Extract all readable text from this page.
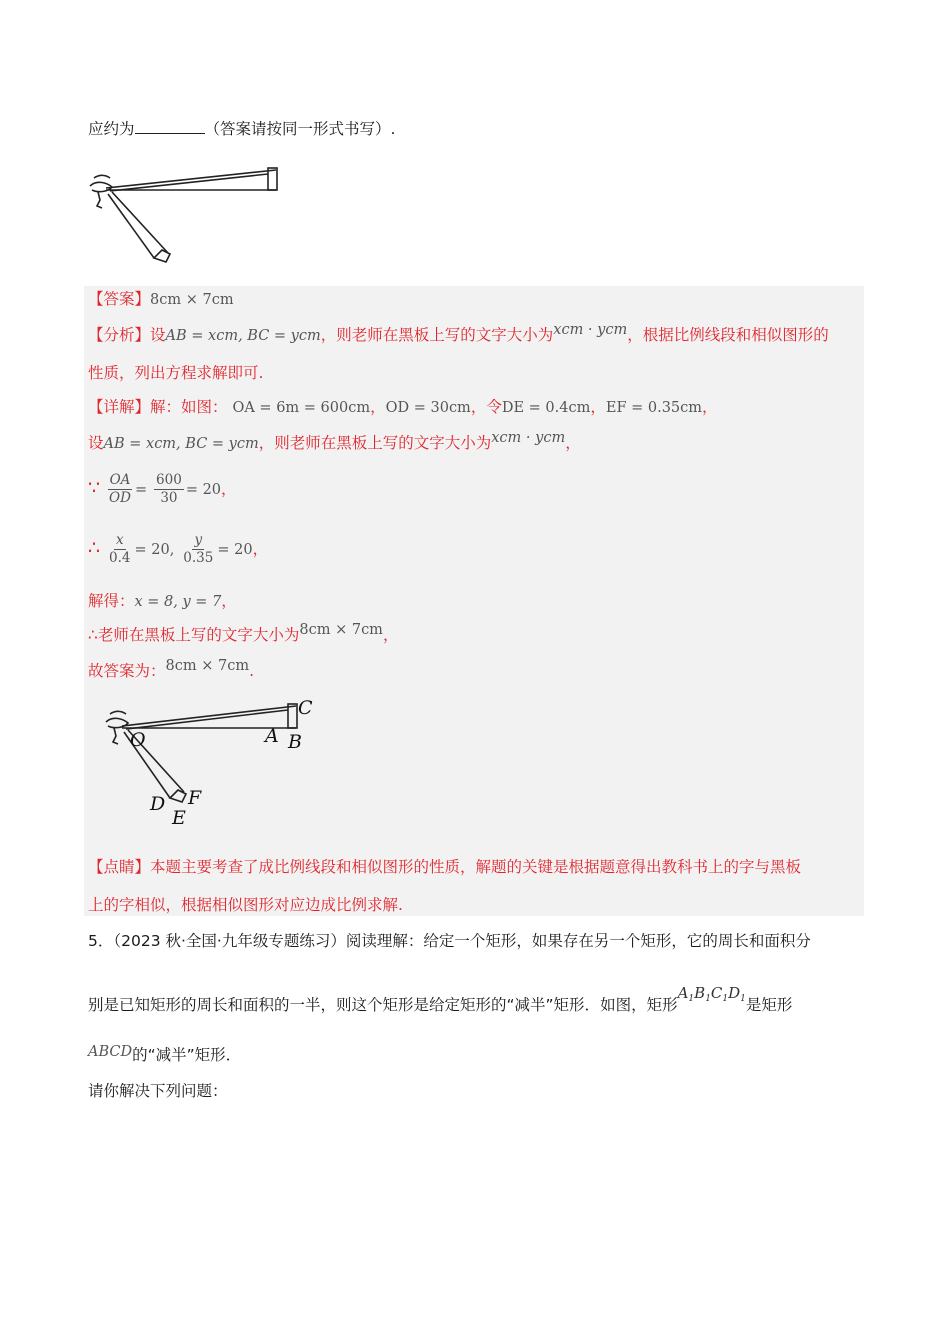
应约为	（答案请按同一形式书写）.
【答案】8cm × 7cm
【分析】设AB = xcm, BC = ycm，则老师在黑板上写的文字大小为xcm · ycm，根据比例线段和相似图形的
性质，列出方程求解即可.
【详解】解：如图： OA = 6m = 600cm，OD = 30cm，令DE = 0.4cm，EF = 0.35cm，
设AB = xcm, BC = ycm，则老师在黑板上写的文字大小为xcm · ycm，
∵ $\frac{OA}{OD} = \frac{600}{30} = 20$，
∴ $\frac{x}{0.4} = 20$, $\frac{y}{0.35} = 20$，
解得：x = 8, y = 7，
∴老师在黑板上写的文字大小为8cm × 7cm，
故答案为：8cm × 7cm.
C
A B
O
D F
E
【点睛】本题主要考查了成比例线段和相似图形的性质，解题的关键是根据题意得出教科书上的字与黑板
上的字相似，根据相似图形对应边成比例求解.
5．（2023 秋·全国·九年级专题练习）阅读理解：给定一个矩形，如果存在另一个矩形，它的周长和面积分
别是已知矩形的周长和面积的一半，则这个矩形是给定矩形的“减半”矩形．如图，矩形$A_1B_1C_1D_1$是矩形
ABCD的“减半”矩形．
请你解决下列问题：
